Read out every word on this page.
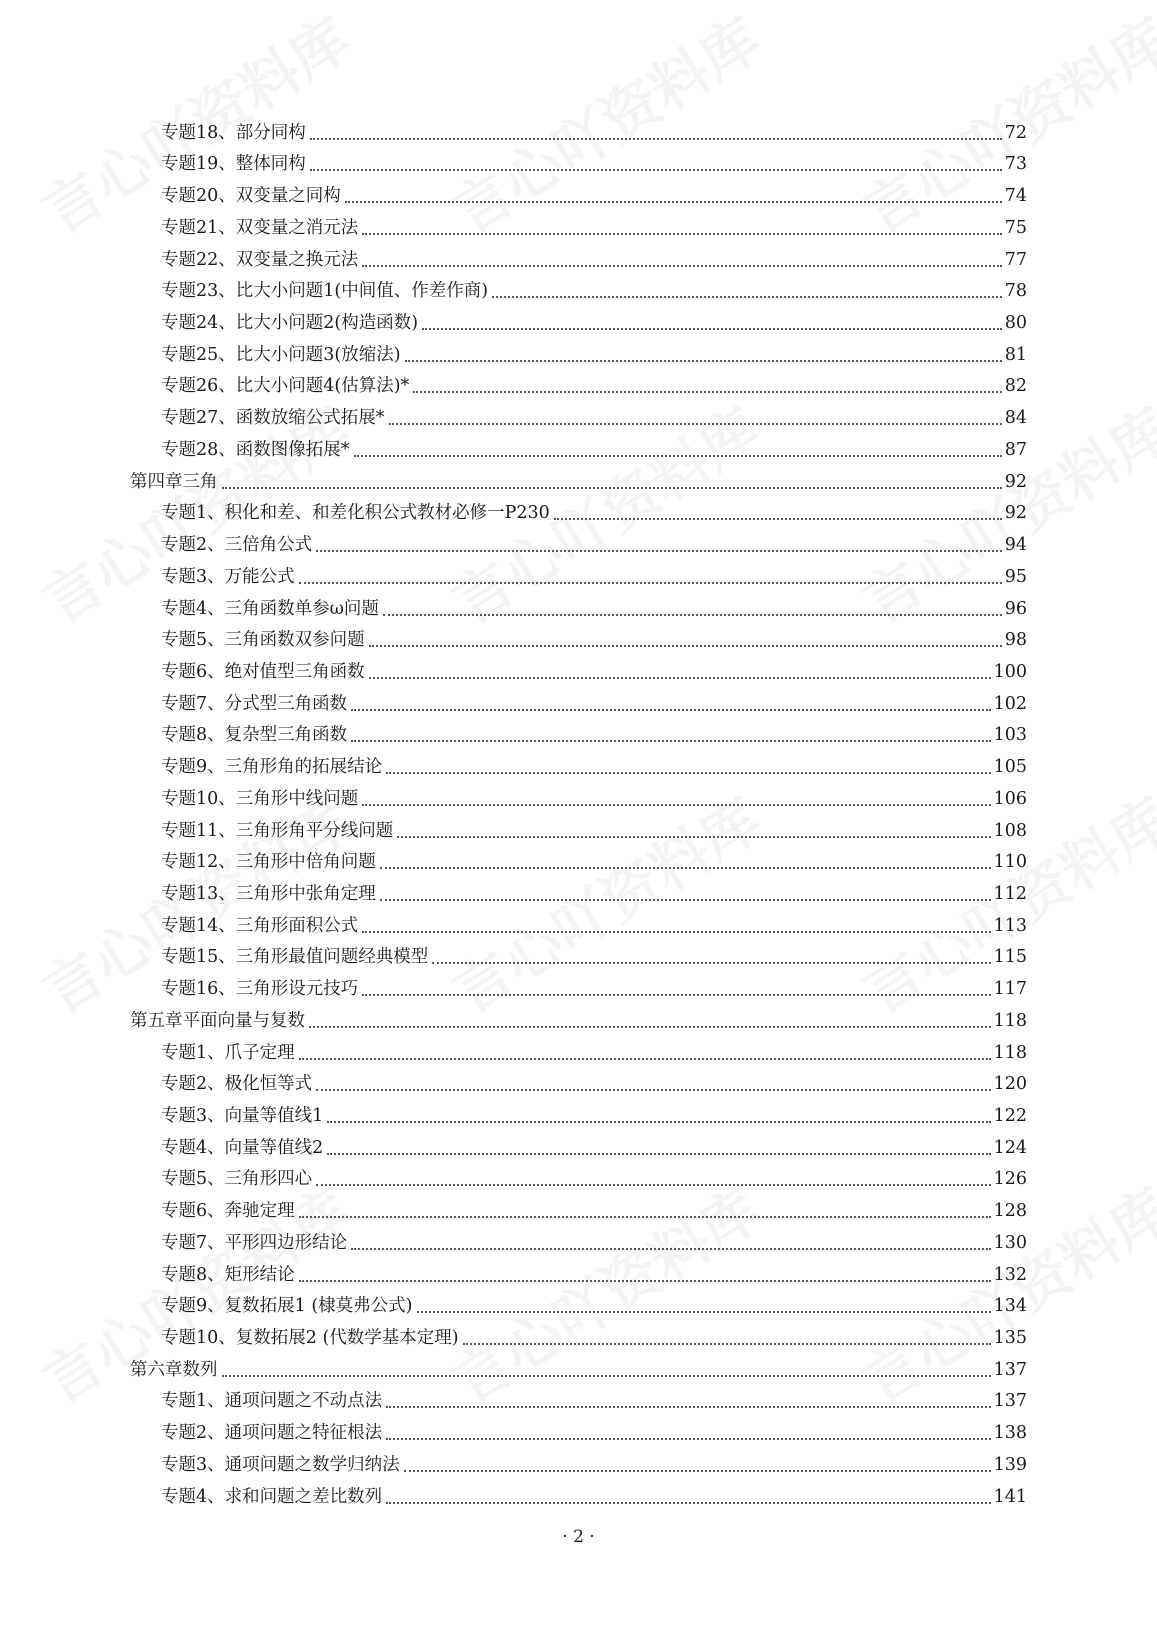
专题18、部分同构	72
专题19、整体同构	73
专题20、双变量之同构	74
专题21、双变量之消元法	75
专题22、双变量之换元法	77
专题23、比大小问题1(中间值、作差作商)	78
专题24、比大小问题2(构造函数)	80
专题25、比大小问题3(放缩法)	81
专题26、比大小问题4(估算法)*	82
专题27、函数放缩公式拓展*	84
专题28、函数图像拓展*	87
第四章三角	92
专题1、积化和差、和差化积公式教材必修一P230	92
专题2、三倍角公式	94
专题3、万能公式	95
专题4、三角函数单参ω问题	96
专题5、三角函数双参问题	98
专题6、绝对值型三角函数	100
专题7、分式型三角函数	102
专题8、复杂型三角函数	103
专题9、三角形角的拓展结论	105
专题10、三角形中线问题	106
专题11、三角形角平分线问题	108
专题12、三角形中倍角问题	110
专题13、三角形中张角定理	112
专题14、三角形面积公式	113
专题15、三角形最值问题经典模型	115
专题16、三角形设元技巧	117
第五章平面向量与复数	118
专题1、爪子定理	118
专题2、极化恒等式	120
专题3、向量等值线1	122
专题4、向量等值线2	124
专题5、三角形四心	126
专题6、奔驰定理	128
专题7、平形四边形结论	130
专题8、矩形结论	132
专题9、复数拓展1 (棣莫弗公式)	134
专题10、复数拓展2 (代数学基本定理)	135
第六章数列	137
专题1、通项问题之不动点法	137
专题2、通项问题之特征根法	138
专题3、通项问题之数学归纳法	139
专题4、求和问题之差比数列	141
· 2 ·
